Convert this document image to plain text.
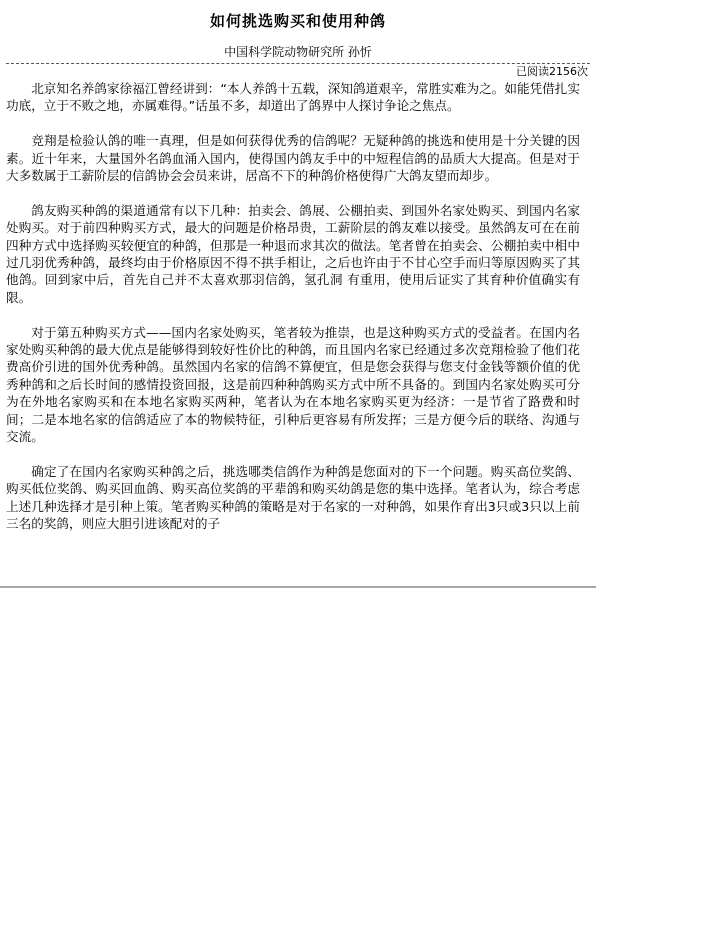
如何挑选购买和使用种鸽
中国科学院动物研究所 孙忻
已阅读2156次

北京知名养鸽家徐福江曾经讲到：“本人养鸽十五载，深知鸽道艰辛，常胜实难为之。如能凭借扎实功底，立于不败之地，亦属难得。”话虽不多，却道出了鸽界中人探讨争论之焦点。

竞翔是检验认鸽的唯一真理，但是如何获得优秀的信鸽呢？无疑种鸽的挑选和使用是十分关键的因素。近十年来，大量国外名鸽血涌入国内，使得国内鸽友手中的中短程信鸽的品质大大提高。但是对于大多数属于工薪阶层的信鸽协会会员来讲，居高不下的种鸽价格使得广大鸽友望而却步。

鸽友购买种鸽的渠道通常有以下几种：拍卖会、鸽展、公棚拍卖、到国外名家处购买、到国内名家处购买。对于前四种购买方式，最大的问题是价格昂贵，工薪阶层的鸽友难以接受。虽然鸽友可在在前四种方式中选择购买较便宜的种鸽，但那是一种退而求其次的做法。笔者曾在拍卖会、公棚拍卖中相中过几羽优秀种鸽，最终均由于价格原因不得不拱手相让，之后也许由于不甘心空手而归等原因购买了其他鸽。回到家中后，首先自己并不太喜欢那羽信鸽，氢孔洞 有重用，使用后证实了其育种价值确实有限。

对于第五种购买方式——国内名家处购买，笔者较为推崇，也是这种购买方式的受益者。在国内名家处购买种鸽的最大优点是能够得到较好性价比的种鸽，而且国内名家已经通过多次竞翔检验了他们花费高价引进的国外优秀种鸽。虽然国内名家的信鸽不算便宜，但是您会获得与您支付金钱等额价值的优秀种鸽和之后长时间的感情投资回报，这是前四种种鸽购买方式中所不具备的。到国内名家处购买可分为在外地名家购买和在本地名家购买两种，笔者认为在本地名家购买更为经济：一是节省了路费和时间；二是本地名家的信鸽适应了本的物候特征，引种后更容易有所发挥；三是方便今后的联络、沟通与交流。

确定了在国内名家购买种鸽之后，挑选哪类信鸽作为种鸽是您面对的下一个问题。购买高位奖鸽、购买低位奖鸽、购买回血鸽、购买高位奖鸽的平辈鸽和购买幼鸽是您的集中选择。笔者认为，综合考虑上述几种选择才是引种上策。笔者购买种鸽的策略是对于名家的一对种鸽，如果作育出3只或3只以上前三名的奖鸽，则应大胆引进该配对的子
